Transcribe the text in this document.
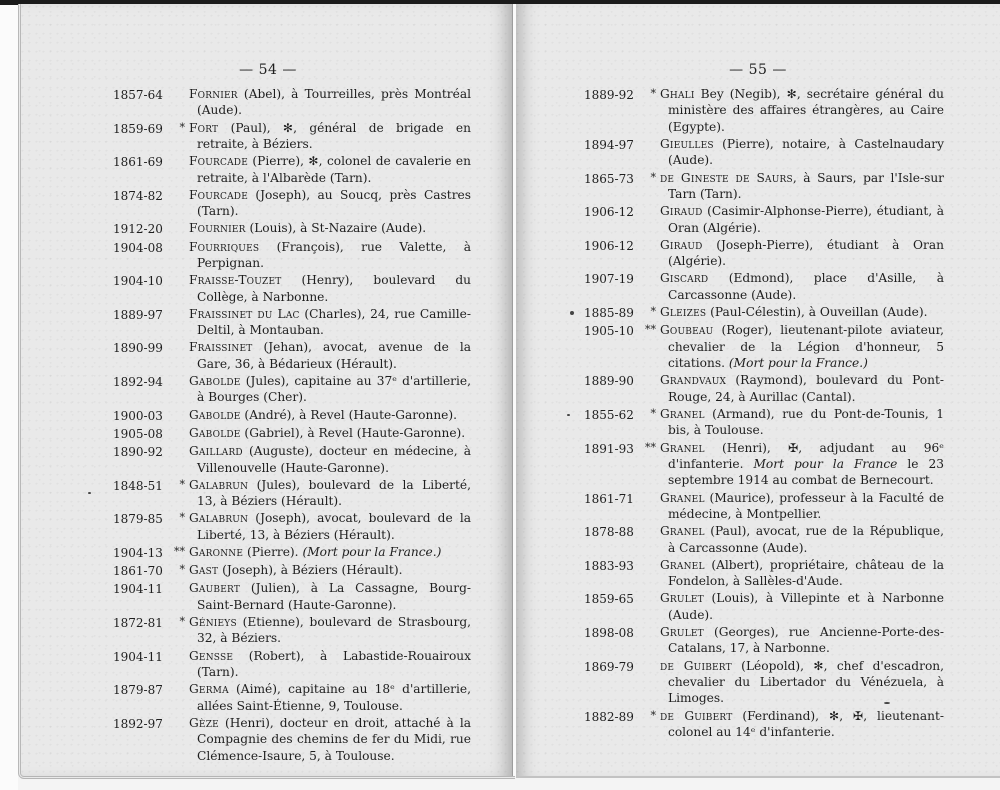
— 54 —
1857-64	Fornier (Abel), à Tourreilles, près Montréal (Aude).
1859-69	* Fort (Paul), ✻, général de brigade en retraite, à Béziers.
1861-69	Fourcade (Pierre), ✻, colonel de cavalerie en retraite, à l'Albarède (Tarn).
1874-82	Fourcade (Joseph), au Soucq, près Castres (Tarn).
1912-20	Fournier (Louis), à St-Nazaire (Aude).
1904-08	Fourriques (François), rue Valette, à Perpignan.
1904-10	Fraisse-Touzet (Henry), boulevard du Collège, à Narbonne.
1889-97	Fraissinet du Lac (Charles), 24, rue Camille-Deltil, à Montauban.
1890-99	Fraissinet (Jehan), avocat, avenue de la Gare, 36, à Bédarieux (Hérault).
1892-94	Gabolde (Jules), capitaine au 37ᵉ d'artillerie, à Bourges (Cher).
1900-03	Gabolde (André), à Revel (Haute-Garonne).
1905-08	Gabolde (Gabriel), à Revel (Haute-Garonne).
1890-92	Gaillard (Auguste), docteur en médecine, à Villenouvelle (Haute-Garonne).
1848-51	* Galabrun (Jules), boulevard de la Liberté, 13, à Béziers (Hérault).
1879-85	* Galabrun (Joseph), avocat, boulevard de la Liberté, 13, à Béziers (Hérault).
1904-13	** Garonne (Pierre). (Mort pour la France.)
1861-70	* Gast (Joseph), à Béziers (Hérault).
1904-11	Gaubert (Julien), à La Cassagne, Bourg-Saint-Bernard (Haute-Garonne).
1872-81	* Génieys (Etienne), boulevard de Strasbourg, 32, à Béziers.
1904-11	Gensse (Robert), à Labastide-Rouairoux (Tarn).
1879-87	Germa (Aimé), capitaine au 18ᵉ d'artillerie, allées Saint-Étienne, 9, Toulouse.
1892-97	Gèze (Henri), docteur en droit, attaché à la Compagnie des chemins de fer du Midi, rue Clémence-Isaure, 5, à Toulouse.
— 55 —
1889-92	* Ghali Bey (Negib), ✻, secrétaire général du ministère des affaires étrangères, au Caire (Egypte).
1894-97	Gieulles (Pierre), notaire, à Castelnaudary (Aude).
1865-73	* de Gineste de Saurs, à Saurs, par l'Isle-sur Tarn (Tarn).
1906-12	Giraud (Casimir-Alphonse-Pierre), étudiant, à Oran (Algérie).
1906-12	Giraud (Joseph-Pierre), étudiant à Oran (Algérie).
1907-19	Giscard (Edmond), place d'Asille, à Carcassonne (Aude).
1885-89	* Gleizes (Paul-Célestin), à Ouveillan (Aude).
1905-10	** Goubeau (Roger), lieutenant-pilote aviateur, chevalier de la Légion d'honneur, 5 citations. (Mort pour la France.)
1889-90	Grandvaux (Raymond), boulevard du Pont-Rouge, 24, à Aurillac (Cantal).
1855-62	* Granel (Armand), rue du Pont-de-Tounis, 1 bis, à Toulouse.
1891-93	** Granel (Henri), ✠, adjudant au 96ᵉ d'infanterie. Mort pour la France le 23 septembre 1914 au combat de Bernecourt.
1861-71	Granel (Maurice), professeur à la Faculté de médecine, à Montpellier.
1878-88	Granel (Paul), avocat, rue de la République, à Carcassonne (Aude).
1883-93	Granel (Albert), propriétaire, château de la Fondelon, à Sallèles-d'Aude.
1859-65	Grulet (Louis), à Villepinte et à Narbonne (Aude).
1898-08	Grulet (Georges), rue Ancienne-Porte-des-Catalans, 17, à Narbonne.
1869-79	de Guibert (Léopold), ✻, chef d'escadron, chevalier du Libertador du Vénézuela, à Limoges.
1882-89	* de Guibert (Ferdinand), ✻, ✠, lieutenant-colonel au 14ᵉ d'infanterie.
